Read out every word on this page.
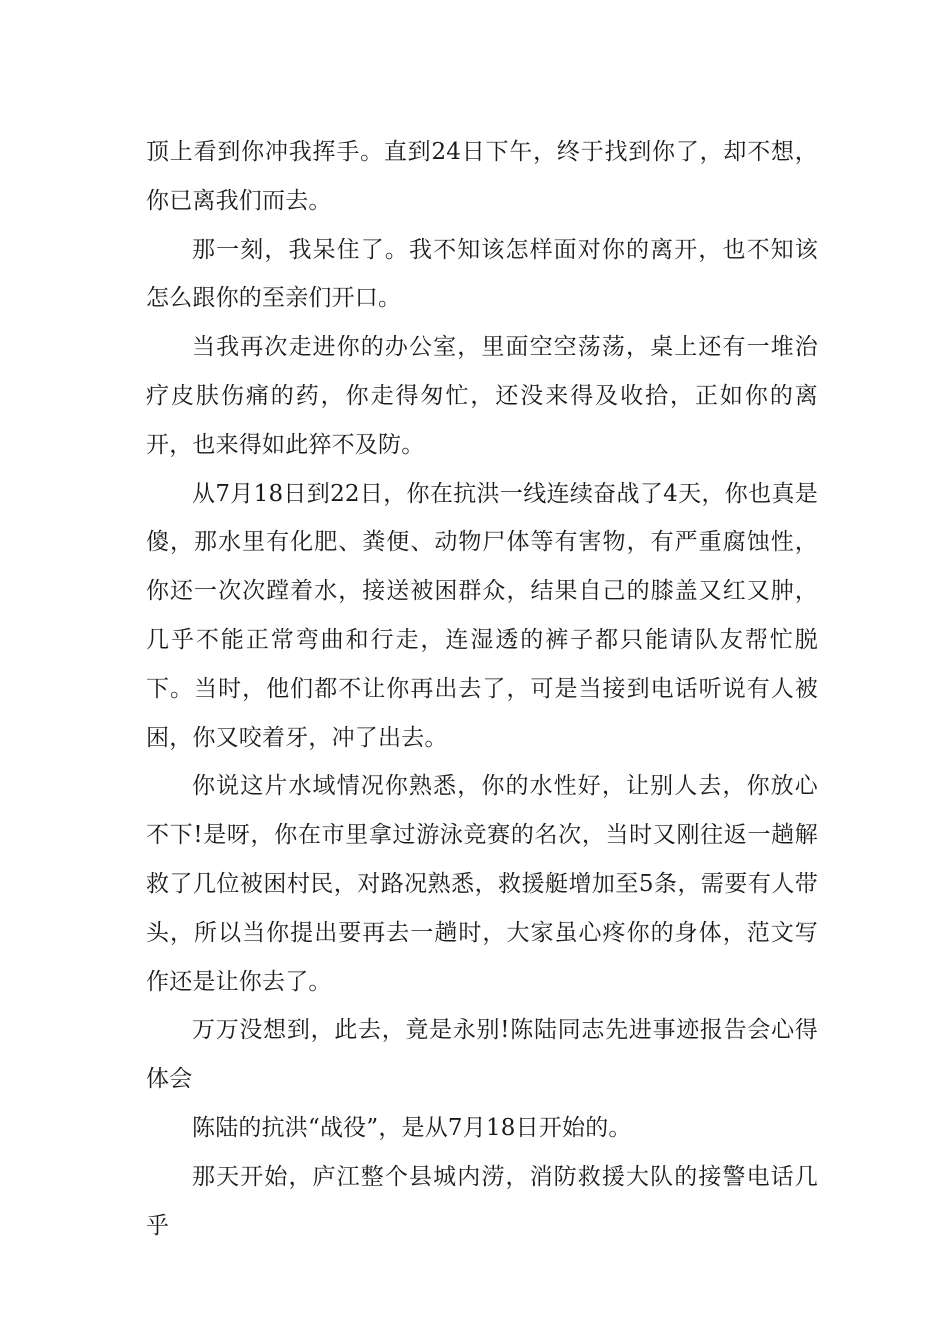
顶上看到你冲我挥手。直到24日下午，终于找到你了，却不想，你已离我们而去。

那一刻，我呆住了。我不知该怎样面对你的离开，也不知该怎么跟你的至亲们开口。

当我再次走进你的办公室，里面空空荡荡，桌上还有一堆治疗皮肤伤痛的药，你走得匆忙，还没来得及收拾，正如你的离开，也来得如此猝不及防。

从7月18日到22日，你在抗洪一线连续奋战了4天，你也真是傻，那水里有化肥、粪便、动物尸体等有害物，有严重腐蚀性，你还一次次蹚着水，接送被困群众，结果自己的膝盖又红又肿，几乎不能正常弯曲和行走，连湿透的裤子都只能请队友帮忙脱下。当时，他们都不让你再出去了，可是当接到电话听说有人被困，你又咬着牙，冲了出去。

你说这片水域情况你熟悉，你的水性好，让别人去，你放心不下!是呀，你在市里拿过游泳竞赛的名次，当时又刚往返一趟解救了几位被困村民，对路况熟悉，救援艇增加至5条，需要有人带头，所以当你提出要再去一趟时，大家虽心疼你的身体，范文写作还是让你去了。

万万没想到，此去，竟是永别!陈陆同志先进事迹报告会心得体会

陈陆的抗洪“战役”，是从7月18日开始的。

那天开始，庐江整个县城内涝，消防救援大队的接警电话几乎
